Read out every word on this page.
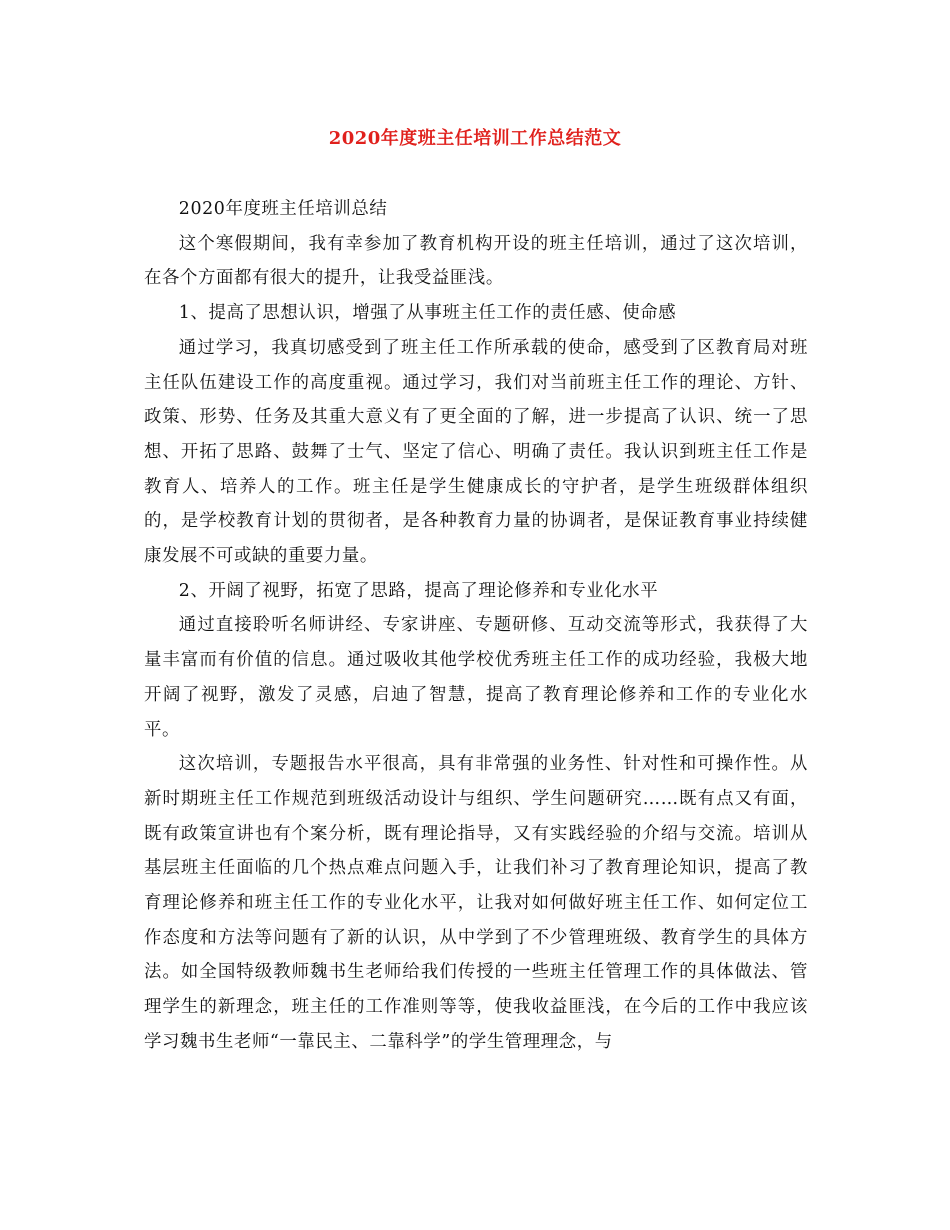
2020年度班主任培训工作总结范文

2020年度班主任培训总结

这个寒假期间，我有幸参加了教育机构开设的班主任培训，通过了这次培训，在各个方面都有很大的提升，让我受益匪浅。

1、提高了思想认识，增强了从事班主任工作的责任感、使命感

通过学习，我真切感受到了班主任工作所承载的使命，感受到了区教育局对班主任队伍建设工作的高度重视。通过学习，我们对当前班主任工作的理论、方针、政策、形势、任务及其重大意义有了更全面的了解，进一步提高了认识、统一了思想、开拓了思路、鼓舞了士气、坚定了信心、明确了责任。我认识到班主任工作是教育人、培养人的工作。班主任是学生健康成长的守护者，是学生班级群体组织的，是学校教育计划的贯彻者，是各种教育力量的协调者，是保证教育事业持续健康发展不可或缺的重要力量。

2、开阔了视野，拓宽了思路，提高了理论修养和专业化水平

通过直接聆听名师讲经、专家讲座、专题研修、互动交流等形式，我获得了大量丰富而有价值的信息。通过吸收其他学校优秀班主任工作的成功经验，我极大地开阔了视野，激发了灵感，启迪了智慧，提高了教育理论修养和工作的专业化水平。

这次培训，专题报告水平很高，具有非常强的业务性、针对性和可操作性。从新时期班主任工作规范到班级活动设计与组织、学生问题研究……既有点又有面，既有政策宣讲也有个案分析，既有理论指导，又有实践经验的介绍与交流。培训从基层班主任面临的几个热点难点问题入手，让我们补习了教育理论知识，提高了教育理论修养和班主任工作的专业化水平，让我对如何做好班主任工作、如何定位工作态度和方法等问题有了新的认识，从中学到了不少管理班级、教育学生的具体方法。如全国特级教师魏书生老师给我们传授的一些班主任管理工作的具体做法、管理学生的新理念，班主任的工作准则等等，使我收益匪浅，在今后的工作中我应该学习魏书生老师“一靠民主、二靠科学”的学生管理理念，与
